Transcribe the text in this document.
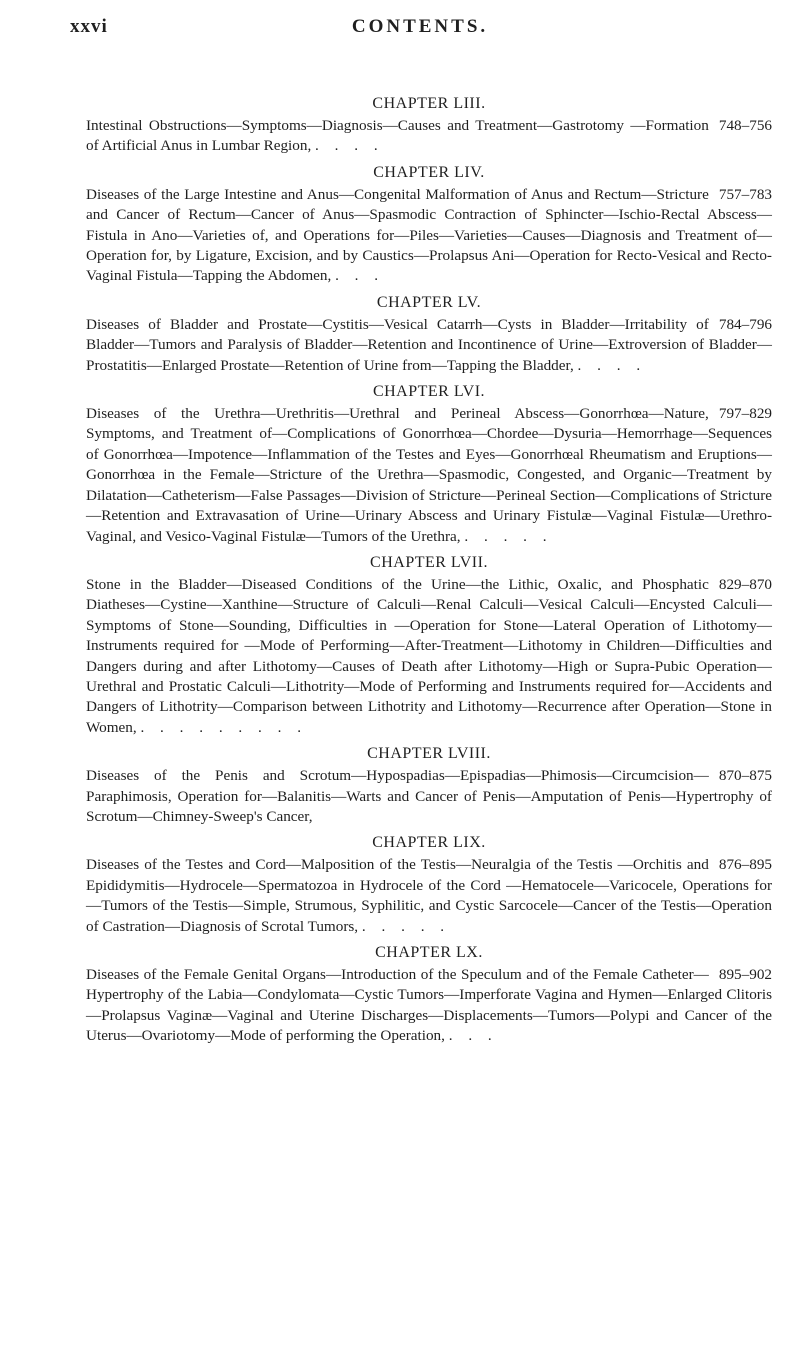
xxvi	CONTENTS.
CHAPTER LIII.

748–756
Intestinal Obstructions—Symptoms—Diagnosis—Causes and Treatment—Gastrotomy —Formation of Artificial Anus in Lumbar Region, . . . .

CHAPTER LIV.

757–783
Diseases of the Large Intestine and Anus—Congenital Malformation of Anus and Rectum—Stricture and Cancer of Rectum—Cancer of Anus—Spasmodic Contraction of Sphincter—Ischio-Rectal Abscess—Fistula in Ano—Varieties of, and Operations for—Piles—Varieties—Causes—Diagnosis and Treatment of—Operation for, by Ligature, Excision, and by Caustics—Prolapsus Ani—Operation for Recto-Vesical and Recto-Vaginal Fistula—Tapping the Abdomen, . . .

CHAPTER LV.

784–796
Diseases of Bladder and Prostate—Cystitis—Vesical Catarrh—Cysts in Bladder—Irritability of Bladder—Tumors and Paralysis of Bladder—Retention and Incontinence of Urine—Extroversion of Bladder—Prostatitis—Enlarged Prostate—Retention of Urine from—Tapping the Bladder, . . . .

CHAPTER LVI.

797–829
Diseases of the Urethra—Urethritis—Urethral and Perineal Abscess—Gonorrhœa—Nature, Symptoms, and Treatment of—Complications of Gonorrhœa—Chordee—Dysuria—Hemorrhage—Sequences of Gonorrhœa—Impotence—Inflammation of the Testes and Eyes—Gonorrhœal Rheumatism and Eruptions—Gonorrhœa in the Female—Stricture of the Urethra—Spasmodic, Congested, and Organic—Treatment by Dilatation—Catheterism—False Passages—Division of Stricture—Perineal Section—Complications of Stricture—Retention and Extravasation of Urine—Urinary Abscess and Urinary Fistulæ—Vaginal Fistulæ—Urethro-Vaginal, and Vesico-Vaginal Fistulæ—Tumors of the Urethra, . . . . .

CHAPTER LVII.

829–870
Stone in the Bladder—Diseased Conditions of the Urine—the Lithic, Oxalic, and Phosphatic Diatheses—Cystine—Xanthine—Structure of Calculi—Renal Calculi—Vesical Calculi—Encysted Calculi—Symptoms of Stone—Sounding, Difficulties in —Operation for Stone—Lateral Operation of Lithotomy—Instruments required for —Mode of Performing—After-Treatment—Lithotomy in Children—Difficulties and Dangers during and after Lithotomy—Causes of Death after Lithotomy—High or Supra-Pubic Operation—Urethral and Prostatic Calculi—Lithotrity—Mode of Performing and Instruments required for—Accidents and Dangers of Lithotrity—Comparison between Lithotrity and Lithotomy—Recurrence after Operation—Stone in Women, . . . . . . . . .

CHAPTER LVIII.

870–875
Diseases of the Penis and Scrotum—Hypospadias—Epispadias—Phimosis—Circumcision—Paraphimosis, Operation for—Balanitis—Warts and Cancer of Penis—Amputation of Penis—Hypertrophy of Scrotum—Chimney-Sweep's Cancer,

CHAPTER LIX.

876–895
Diseases of the Testes and Cord—Malposition of the Testis—Neuralgia of the Testis —Orchitis and Epididymitis—Hydrocele—Spermatozoa in Hydrocele of the Cord —Hematocele—Varicocele, Operations for—Tumors of the Testis—Simple, Strumous, Syphilitic, and Cystic Sarcocele—Cancer of the Testis—Operation of Castration—Diagnosis of Scrotal Tumors, . . . . .

CHAPTER LX.

895–902
Diseases of the Female Genital Organs—Introduction of the Speculum and of the Female Catheter—Hypertrophy of the Labia—Condylomata—Cystic Tumors—Imperforate Vagina and Hymen—Enlarged Clitoris—Prolapsus Vaginæ—Vaginal and Uterine Discharges—Displacements—Tumors—Polypi and Cancer of the Uterus—Ovariotomy—Mode of performing the Operation, . . .
